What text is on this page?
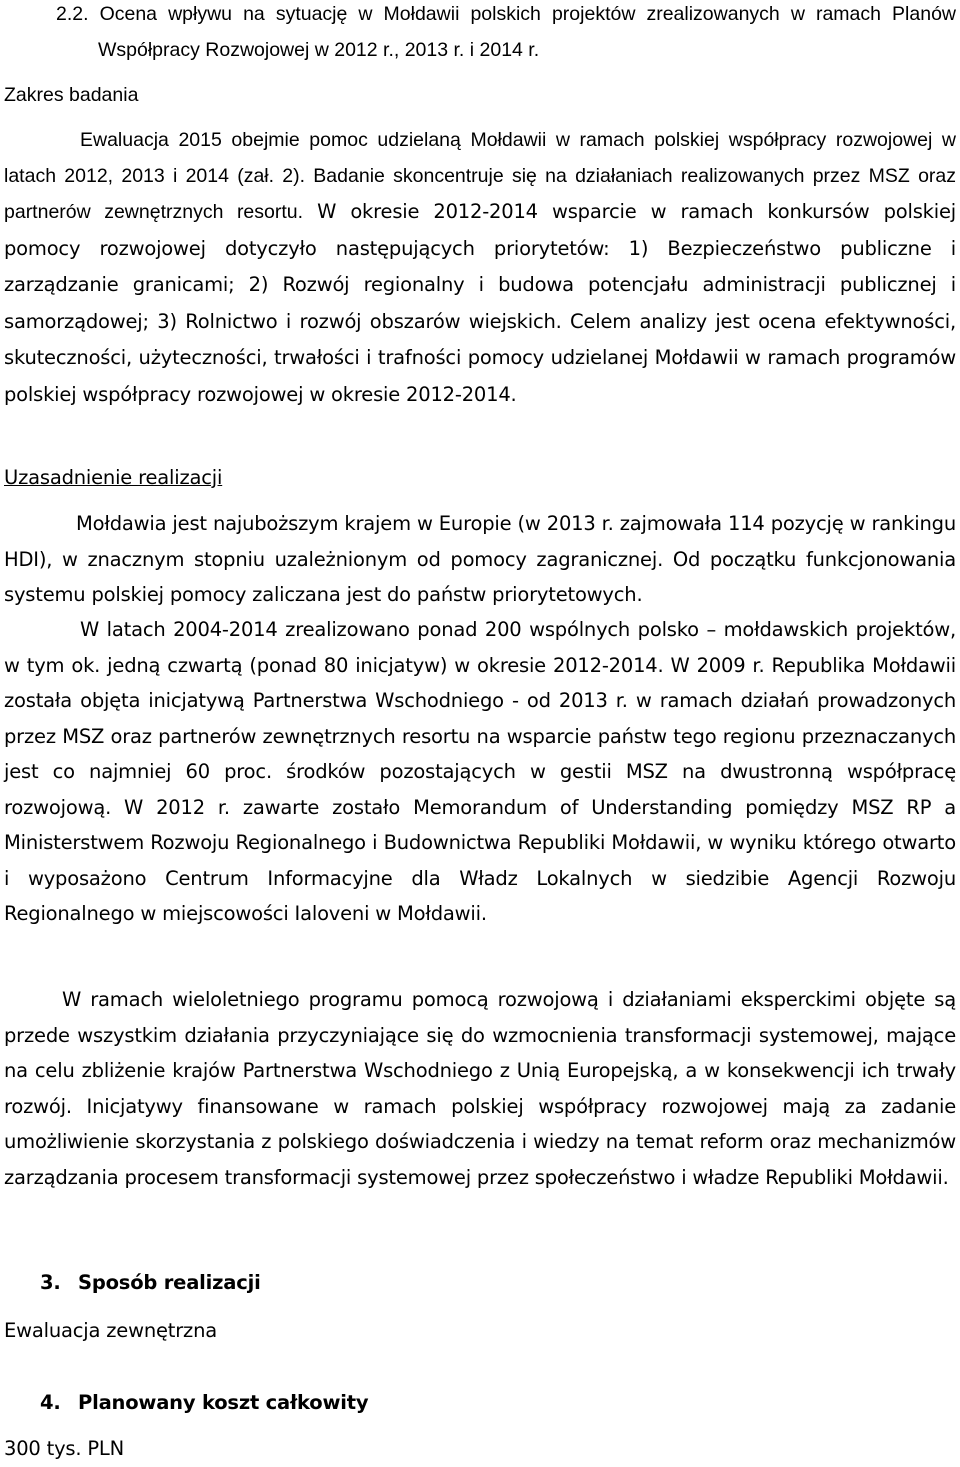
2.2. Ocena wpływu na sytuację w Mołdawii polskich projektów zrealizowanych w ramach Planów Współpracy Rozwojowej w 2012 r., 2013 r. i 2014 r.

Zakres badania

Ewaluacja 2015 obejmie pomoc udzielaną Mołdawii w ramach polskiej współpracy rozwojowej w latach 2012, 2013 i 2014 (zał. 2). Badanie skoncentruje się na działaniach realizowanych przez MSZ oraz partnerów zewnętrznych resortu. W okresie 2012-2014 wsparcie w ramach konkursów polskiej pomocy rozwojowej dotyczyło następujących priorytetów: 1) Bezpieczeństwo publiczne i zarządzanie granicami; 2) Rozwój regionalny i budowa potencjału administracji publicznej i samorządowej; 3) Rolnictwo i rozwój obszarów wiejskich. Celem analizy jest ocena efektywności, skuteczności, użyteczności, trwałości i trafności pomocy udzielanej Mołdawii w ramach programów polskiej współpracy rozwojowej w okresie 2012-2014.

Uzasadnienie realizacji

Mołdawia jest najuboższym krajem w Europie (w 2013 r. zajmowała 114 pozycję w rankingu HDI), w znacznym stopniu uzależnionym od pomocy zagranicznej. Od początku funkcjonowania systemu polskiej pomocy zaliczana jest do państw priorytetowych.

W latach 2004-2014 zrealizowano ponad 200 wspólnych polsko – mołdawskich projektów, w tym ok. jedną czwartą (ponad 80 inicjatyw) w okresie 2012-2014. W 2009 r. Republika Mołdawii została objęta inicjatywą Partnerstwa Wschodniego - od 2013 r. w ramach działań prowadzonych przez MSZ oraz partnerów zewnętrznych resortu na wsparcie państw tego regionu przeznaczanych jest co najmniej 60 proc. środków pozostających w gestii MSZ na dwustronną współpracę rozwojową. W 2012 r. zawarte zostało Memorandum of Understanding pomiędzy MSZ RP a Ministerstwem Rozwoju Regionalnego i Budownictwa Republiki Mołdawii, w wyniku którego otwarto i wyposażono Centrum Informacyjne dla Władz Lokalnych w siedzibie Agencji Rozwoju Regionalnego w miejscowości Ialoveni w Mołdawii.

W ramach wieloletniego programu pomocą rozwojową i działaniami eksperckimi objęte są przede wszystkim działania przyczyniające się do wzmocnienia transformacji systemowej, mające na celu zbliżenie krajów Partnerstwa Wschodniego z Unią Europejską, a w konsekwencji ich trwały rozwój. Inicjatywy finansowane w ramach polskiej współpracy rozwojowej mają za zadanie umożliwienie skorzystania z polskiego doświadczenia i wiedzy na temat reform oraz mechanizmów zarządzania procesem transformacji systemowej przez społeczeństwo i władze Republiki Mołdawii.

3. Sposób realizacji
Ewaluacja zewnętrzna
4. Planowany koszt całkowity
300 tys. PLN
